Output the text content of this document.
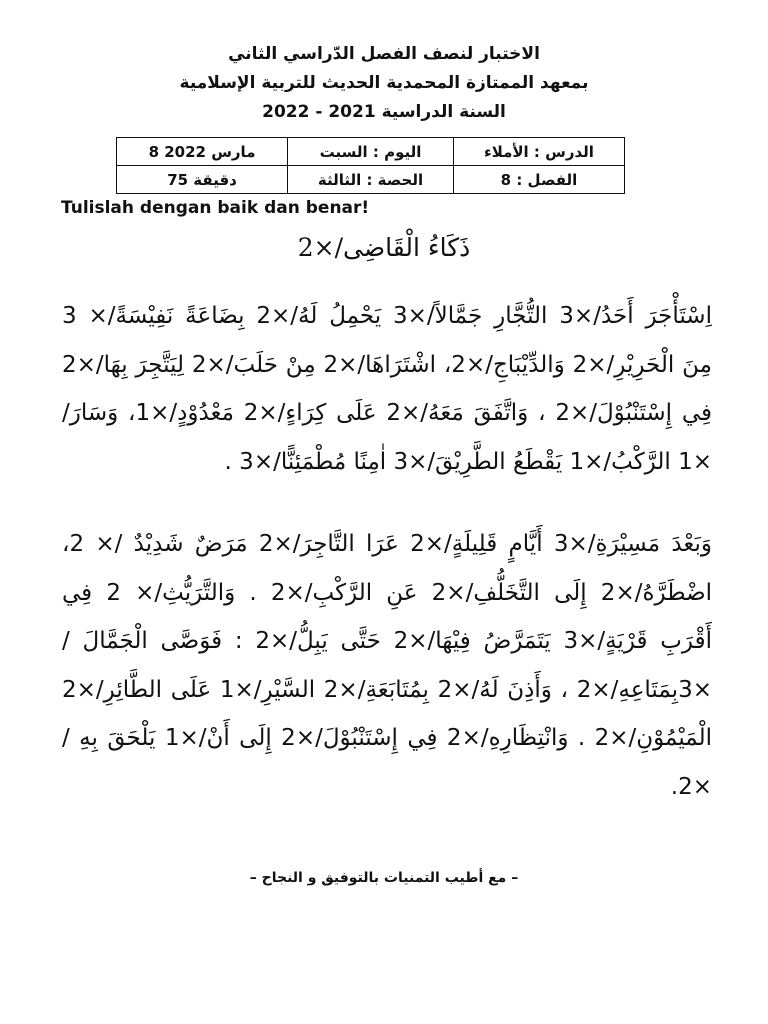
الاختبار لنصف الفصل الدّراسي الثاني
بمعهد الممتازة المحمدية الحديث للتربية الإسلامية
السنة الدراسية 2021 - 2022
الدرس : الأملاء	اليوم : السبت	مارس 2022 8
الفصل : 8	الحصة : الثالثة	دقيقة 75
Tulislah dengan baik dan benar!
ذَكَاءُ الْقَاضِى/×2
اِسْتَأْجَرَ أَحَدُ/×3 التُّجَّارِ جَمَّالاً/×3 يَحْمِلُ لَهُ/×2 بِضَاعَةً نَفِيْسَةً/× 3 مِنَ الْحَرِيْرِ/×2 وَالدِّيْبَاجِ/×2، اشْتَرَاهَا/×2 مِنْ حَلَبَ/×2 لِيَتَّجِرَ بِهَا/×2 فِي إِسْتَنْبُوْلَ/×2 ، وَاتَّفَقَ مَعَهُ/×2 عَلَى كِرَاءٍ/×2 مَعْدُوْدٍ/×1، وَسَارَ/×1 الرَّكْبُ/×1 يَقْطَعُ الطَّرِيْقَ/×3 اٰمِنًا مُطْمَئِنًّا/×3 .
وَبَعْدَ مَسِيْرَةِ/×3 أَيَّامٍ قَلِيلَةٍ/×2 عَرَا التَّاجِرَ/×2 مَرَضٌ شَدِيْدٌ /× 2، اضْطَرَّهُ/×2 إِلَى التَّخَلُّفِ/×2 عَنِ الرَّكْبِ/×2 . وَالتَّرَيُّثِ/× 2 فِي أَقْرَبِ قَرْيَةٍ/×3 يَتَمَرَّضُ فِيْهَا/×2 حَتَّى يَبِلُّ/×2 : فَوَصَّى الْجَمَّالَ /×3بِمَتَاعِهِ/×2 ، وَأَذِنَ لَهُ/×2 بِمُتَابَعَةِ/×2 السَّيْرِ/×1 عَلَى الطَّائِرِ/×2 الْمَيْمُوْنِ/×2 . وَانْتِظَارِهِ/×2 فِي إِسْتَنْبُوْلَ/×2 إِلَى أَنْ/×1 يَلْحَقَ بِهِ /×2.
– مع أطيب التمنيات بالتوفيق و النجاح –
